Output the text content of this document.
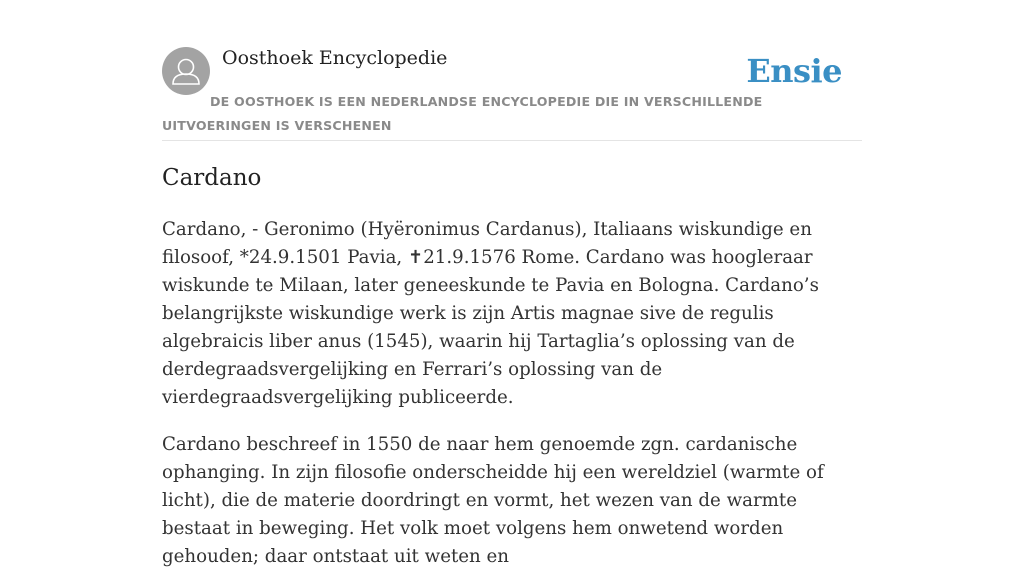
Oosthoek Encyclopedie	Ensie
DE OOSTHOEK IS EEN NEDERLANDSE ENCYCLOPEDIE DIE IN VERSCHILLENDE UITVOERINGEN IS VERSCHENEN
Cardano

Cardano, - Geronimo (Hyëronimus Cardanus), Italiaans wiskundige en filosoof, *24.9.1501 Pavia, ✝21.9.1576 Rome. Cardano was hoogleraar wiskunde te Milaan, later geneeskunde te Pavia en Bologna. Cardano’s belangrijkste wiskundige werk is zijn Artis magnae sive de regulis algebraicis liber anus (1545), waarin hij Tartaglia’s oplossing van de derdegraadsvergelijking en Ferrari’s oplossing van de vierdegraadsvergelijking publiceerde.

Cardano beschreef in 1550 de naar hem genoemde zgn. cardanische ophanging. In zijn filosofie onderscheidde hij een wereldziel (warmte of licht), die de materie doordringt en vormt, het wezen van de warmte bestaat in beweging. Het volk moet volgens hem onwetend worden gehouden; daar ontstaat uit weten en
